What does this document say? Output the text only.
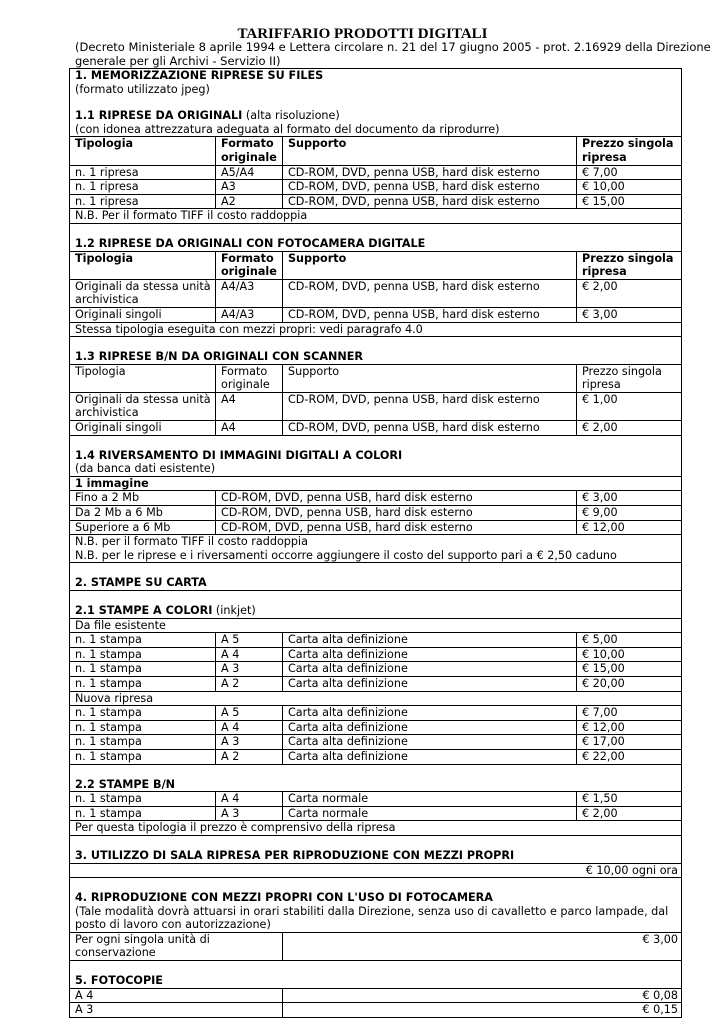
TARIFFARIO PRODOTTI DIGITALI
(Decreto Ministeriale 8 aprile 1994 e Lettera circolare n. 21 del 17 giugno 2005 - prot. 2.16929 della Direzione generale per gli Archivi - Servizio II)
1. MEMORIZZAZIONE RIPRESE SU FILES
(formato utilizzato jpeg)			

1.1 RIPRESE DA ORIGINALI (alta risoluzione)
(con idonea attrezzatura adeguata al formato del documento da riprodurre)			

Tipologia	Formato originale	Supporto	Prezzo singola ripresa
n. 1 ripresa	A5/A4	CD-ROM, DVD, penna USB, hard disk esterno	€ 7,00
n. 1 ripresa	A3	CD-ROM, DVD, penna USB, hard disk esterno	€ 10,00
n. 1 ripresa	A2	CD-ROM, DVD, penna USB, hard disk esterno	€ 15,00
N.B. Per il formato TIFF il costo raddoppia			

1.2 RIPRESE DA ORIGINALI CON FOTOCAMERA DIGITALE			

Tipologia	Formato originale	Supporto	Prezzo singola ripresa
Originali da stessa unità archivistica	A4/A3	CD-ROM, DVD, penna USB, hard disk esterno	€ 2,00
Originali singoli	A4/A3	CD-ROM, DVD, penna USB, hard disk esterno	€ 3,00
Stessa tipologia eseguita con mezzi propri: vedi paragrafo 4.0			

1.3 RIPRESE B/N DA ORIGINALI CON SCANNER			

Tipologia	Formato originale	Supporto	Prezzo singola ripresa
Originali da stessa unità archivistica	A4	CD-ROM, DVD, penna USB, hard disk esterno	€ 1,00
Originali singoli	A4	CD-ROM, DVD, penna USB, hard disk esterno	€ 2,00

1.4 RIVERSAMENTO DI IMMAGINI DIGITALI A COLORI
(da banca dati esistente)			

1 immagine			
Fino a 2 Mb	CD-ROM, DVD, penna USB, hard disk esterno		€ 3,00
Da 2 Mb a 6 Mb	CD-ROM, DVD, penna USB, hard disk esterno		€ 9,00
Superiore a 6 Mb	CD-ROM, DVD, penna USB, hard disk esterno		€ 12,00

N.B. per il formato TIFF il costo raddoppia
N.B. per le riprese e i riversamenti occorre aggiungere il costo del supporto pari a € 2,50 caduno			

2. STAMPE SU CARTA			

2.1 STAMPE A COLORI (inkjet)			
Da file esistente			
n. 1 stampa	A 5	Carta alta definizione	€ 5,00
n. 1 stampa	A 4	Carta alta definizione	€ 10,00
n. 1 stampa	A 3	Carta alta definizione	€ 15,00
n. 1 stampa	A 2	Carta alta definizione	€ 20,00
Nuova ripresa			
n. 1 stampa	A 5	Carta alta definizione	€ 7,00
n. 1 stampa	A 4	Carta alta definizione	€ 12,00
n. 1 stampa	A 3	Carta alta definizione	€ 17,00
n. 1 stampa	A 2	Carta alta definizione	€ 22,00

2.2 STAMPE B/N			

n. 1 stampa	A 4	Carta normale	€ 1,50
n. 1 stampa	A 3	Carta normale	€ 2,00
Per questa tipologia il prezzo è comprensivo della ripresa			

3. UTILIZZO DI SALA RIPRESA PER RIPRODUZIONE CON MEZZI PROPRI			

€ 10,00 ogni ora			

4. RIPRODUZIONE CON MEZZI PROPRI CON L'USO DI FOTOCAMERA
(Tale modalità dovrà attuarsi in orari stabiliti dalla Direzione, senza uso di cavalletto e parco lampade, dal posto di lavoro con autorizzazione)			

Per ogni singola unità di conservazione		€ 3,00	

5. FOTOCOPIE			

A 4		€ 0,08	
A 3		€ 0,15	
